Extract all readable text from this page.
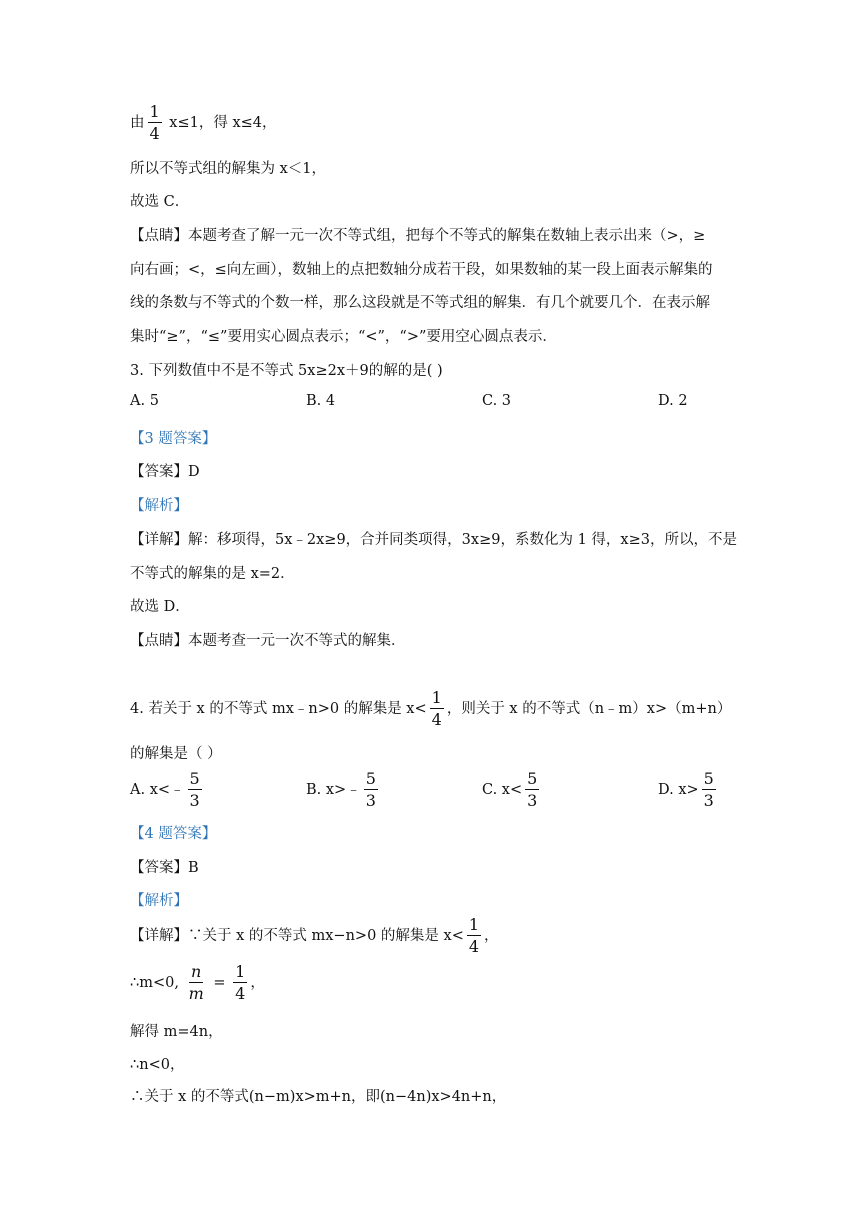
由 $\frac{1}{4} x\le 1$，得 x≤4，
所以不等式组的解集为 x＜1，
故选 C．
【点睛】本题考查了解一元一次不等式组，把每个不等式的解集在数轴上表示出来（>，≥
向右画；<，≤向左画），数轴上的点把数轴分成若干段，如果数轴的某一段上面表示解集的
线的条数与不等式的个数一样，那么这段就是不等式组的解集．有几个就要几个．在表示解
集时“≥”，“≤”要用实心圆点表示；“<”，“>”要用空心圆点表示．
3. 下列数值中不是不等式 5x≥2x＋9的解的是( )
A. 5	B. 4	C. 3	D. 2
【3 题答案】
【答案】D
【解析】
【详解】解：移项得，5x﹣2x≥9，合并同类项得，3x≥9，系数化为 1 得，x≥3，所以，不是
不等式的解集的是 x=2．
故选 D．
【点睛】本题考查一元一次不等式的解集．
4. 若关于 x 的不等式 mx﹣n>0 的解集是 $x< \frac{1}{4}$ ，则关于 x 的不等式（n﹣m）x>（m+n）
的解集是（ ）
A. x<﹣ $\frac{5}{3}$	B. x>﹣ $\frac{5}{3}$	C. $x< \frac{5}{3}$	D. $x> \frac{5}{3}$
【4 题答案】
【答案】B
【解析】
【详解】∵关于 x 的不等式 mx−n>0 的解集是 $x< \frac{1}{4}$ ，
∴m<0, $\frac{n}{m} = \frac{1}{4}$ ，
解得 m=4n，
∴n<0，
∴关于 x 的不等式(n−m)x>m+n，即(n−4n)x>4n+n，
